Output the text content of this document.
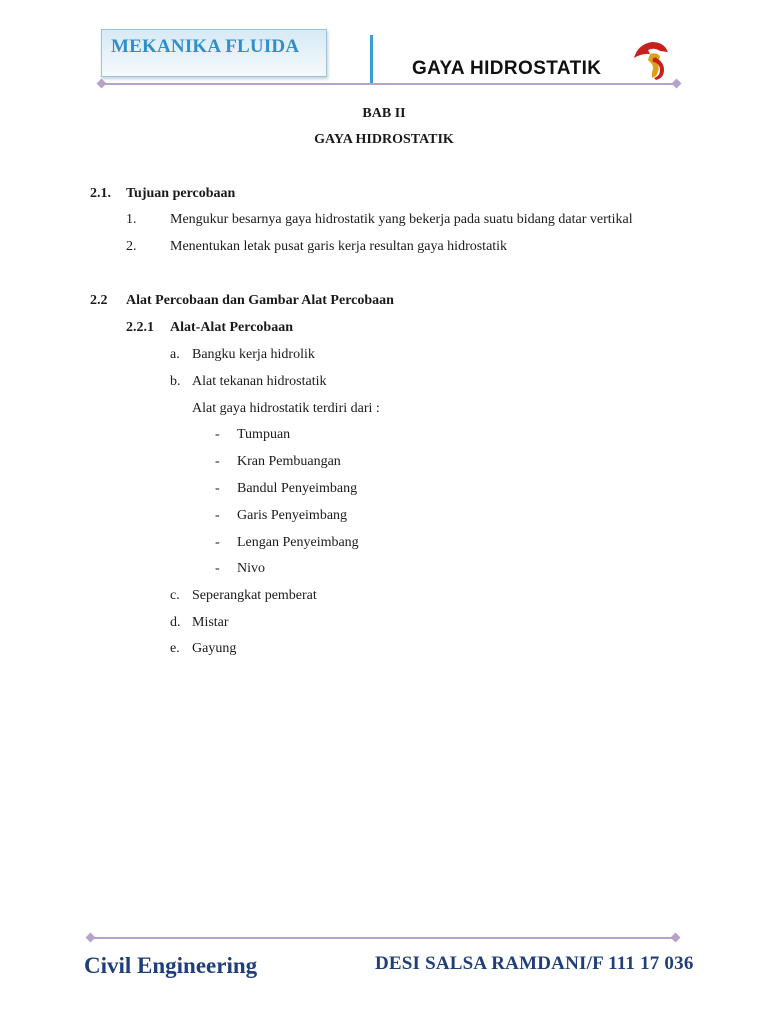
MEKANIKA FLUIDA
GAYA HIDROSTATIK
BAB II
GAYA HIDROSTATIK
2.1. Tujuan percobaan
1. Mengukur besarnya gaya hidrostatik yang bekerja pada suatu bidang datar vertikal
2. Menentukan letak pusat garis kerja resultan gaya hidrostatik
2.2 Alat Percobaan dan Gambar Alat Percobaan
2.2.1 Alat-Alat Percobaan
a. Bangku kerja hidrolik
b. Alat tekanan hidrostatik
Alat gaya hidrostatik terdiri dari :
- Tumpuan
- Kran Pembuangan
- Bandul Penyeimbang
- Garis Penyeimbang
- Lengan Penyeimbang
- Nivo
c. Seperangkat pemberat
d. Mistar
e. Gayung
Civil Engineering	DESI SALSA RAMDANI/F 111 17 036
